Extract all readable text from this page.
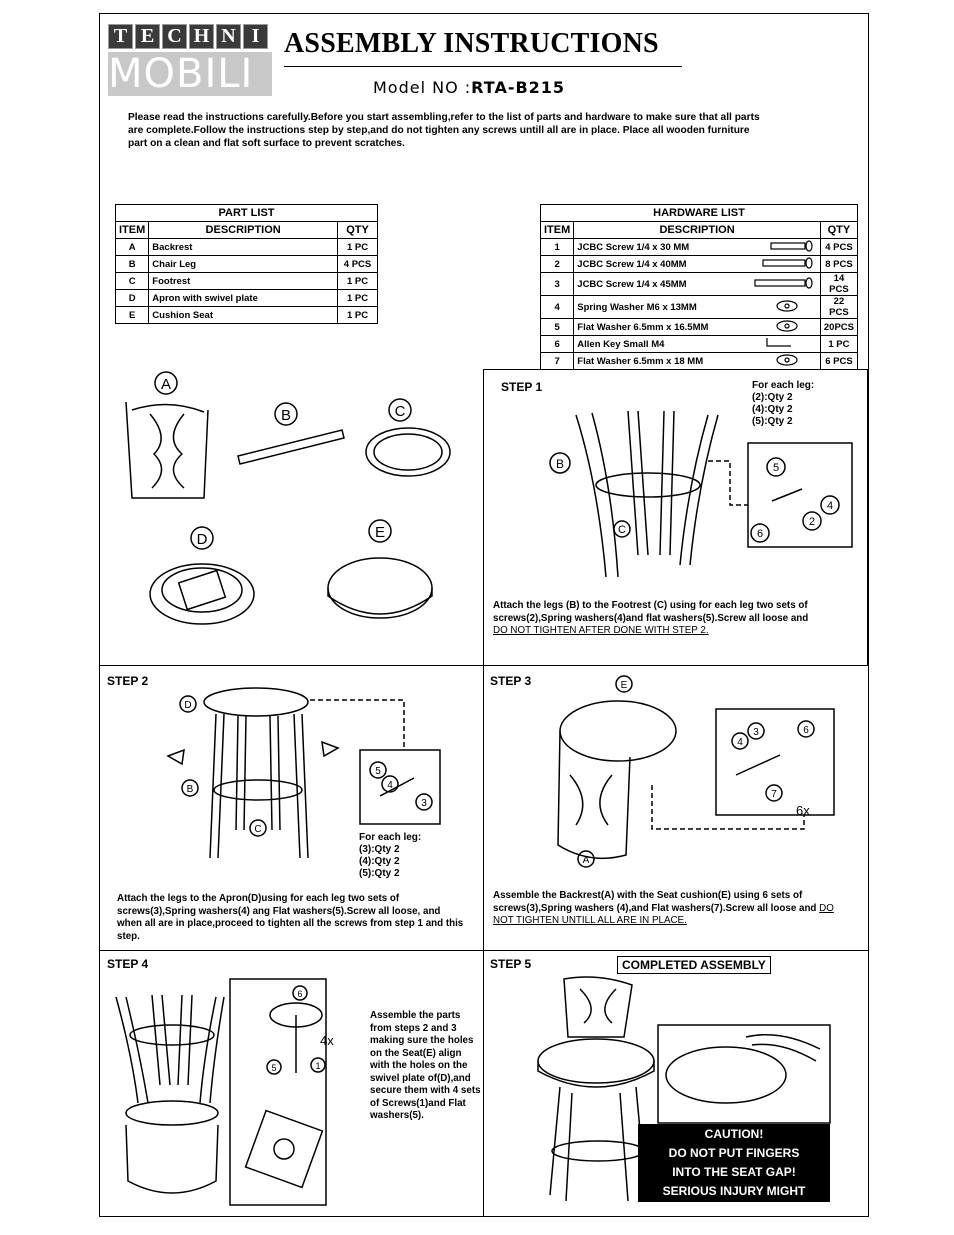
T E C H N I
MOBILI
ASSEMBLY INSTRUCTIONS
Model NO :RTA-B215
Please read the instructions carefully.Before you start assembling,refer to the list of parts and hardware to make sure that all parts are complete.Follow the instructions step by step,and do not tighten any screws untill all are in place. Place all wooden furniture part on a clean and flat soft surface to prevent scratches.
PART LIST		
ITEM	DESCRIPTION	QTY
A	Backrest	1 PC
B	Chair Leg	4 PCS
C	Footrest	1 PC
D	Apron with swivel plate	1 PC
E	Cushion Seat	1 PC
HARDWARE LIST			
ITEM	DESCRIPTION		QTY
1	JCBC Screw 1/4 x 30 MM		4 PCS
2	JCBC Screw 1/4 x 40MM		8 PCS
3	JCBC Screw 1/4 x 45MM		14 PCS
4	Spring Washer M6 x 13MM		22 PCS
5	Flat Washer 6.5mm x 16.5MM		20PCS
6	Allen Key Small M4		1 PC
7	Flat Washer 6.5mm x 18 MM		6 PCS
A
B	C
D	E
STEP 1	For each leg:
(2):Qty 2
(4):Qty 2
(5):Qty 2
B
C
5
4
2
6
Attach the legs (B) to the Footrest (C) using for each leg two sets of screws(2),Spring washers(4)and flat washers(5).Screw all loose and
DO NOT TIGHTEN AFTER DONE WITH STEP 2.
STEP 2
D
B
C
5
4
3
For each leg:
(3):Qty 2
(4):Qty 2
(5):Qty 2
Attach the legs to the Apron(D)using for each leg two sets of screws(3),Spring washers(4) ang Flat washers(5).Screw all loose, and when all are in place,proceed to tighten all the screws from step 1 and this step.
STEP 3	E
A
4
3	6
7
6x
Assemble the Backrest(A) with the Seat cushion(E) using 6 sets of screws(3),Spring washers (4),and Flat washers(7).Screw all loose and DO NOT TIGHTEN UNTILL ALL ARE IN PLACE.
STEP 4
6
5	1
4x
Assemble the parts from steps 2 and 3 making sure the holes on the Seat(E) align with the holes on the swivel plate of(D),and secure them with 4 sets of Screws(1)and Flat washers(5).
STEP 5	COMPLETED ASSEMBLY
CAUTION!
DO NOT PUT FINGERS
INTO THE SEAT GAP!
SERIOUS INJURY MIGHT OCCUR!
